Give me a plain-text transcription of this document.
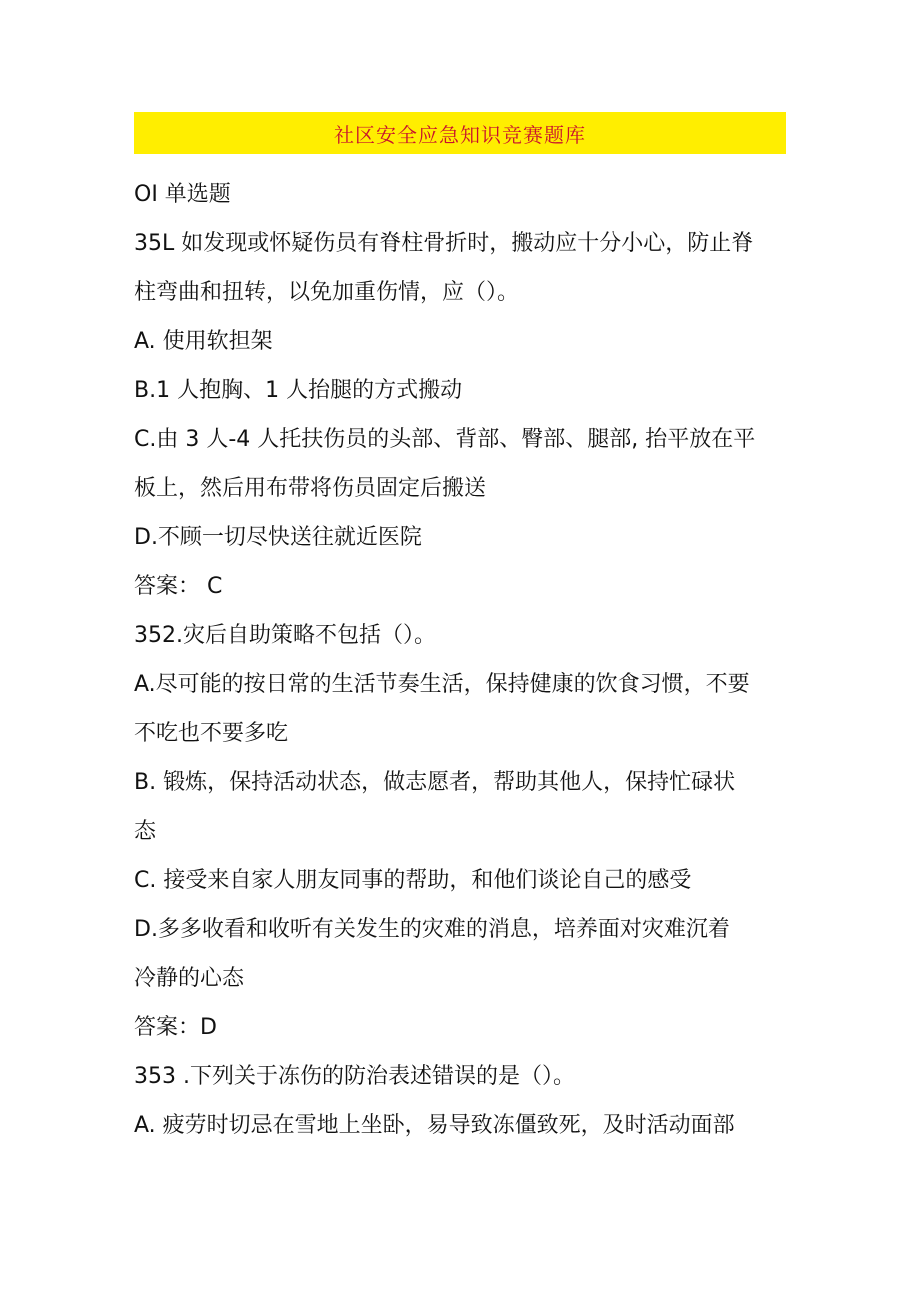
社区安全应急知识竞赛题库

OI 单选题

35L 如发现或怀疑伤员有脊柱骨折时，搬动应十分小心，防止脊

柱弯曲和扭转，以免加重伤情，应（）。

A. 使用软担架

B.1 人抱胸、1 人抬腿的方式搬动

C.由 3 人-4 人托扶伤员的头部、背部、臀部、腿部, 抬平放在平

板上，然后用布带将伤员固定后搬送

D.不顾一切尽快送往就近医院

答案： C

352.灾后自助策略不包括（）。

A.尽可能的按日常的生活节奏生活，保持健康的饮食习惯，不要

不吃也不要多吃

B. 锻炼，保持活动状态，做志愿者，帮助其他人，保持忙碌状

态

C. 接受来自家人朋友同事的帮助，和他们谈论自己的感受

D.多多收看和收听有关发生的灾难的消息，培养面对灾难沉着

冷静的心态

答案：D

353 .下列关于冻伤的防治表述错误的是（）。

A. 疲劳时切忌在雪地上坐卧，易导致冻僵致死，及时活动面部
